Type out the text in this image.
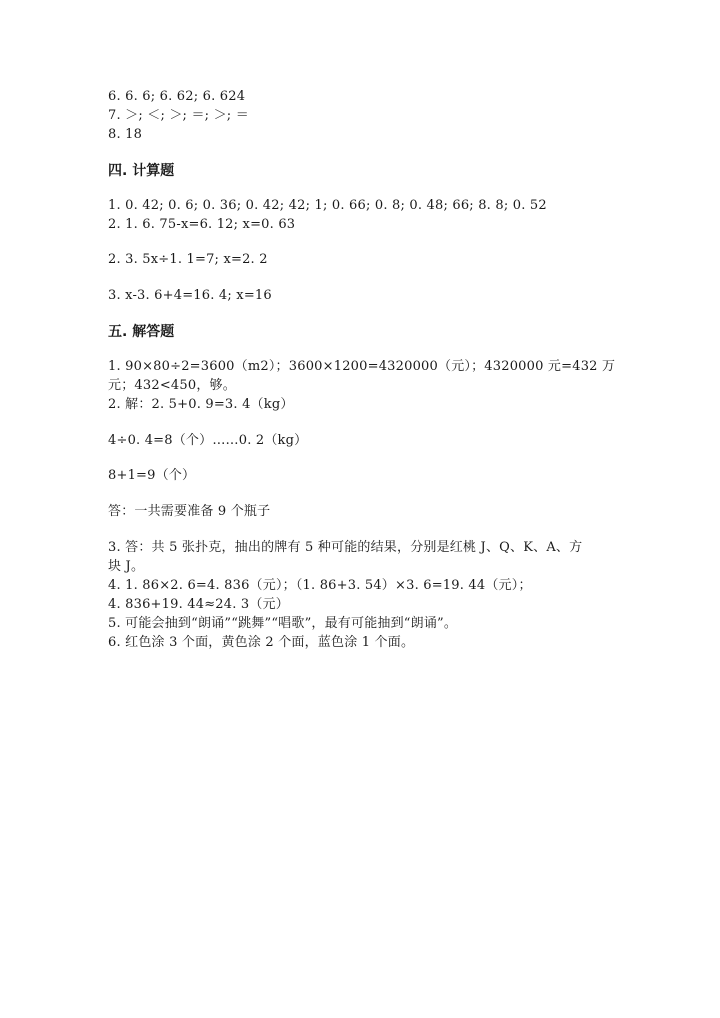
6. 6. 6; 6. 62; 6. 624
7. ＞; ＜; ＞; ＝; ＞; ＝
8. 18
四. 计算题
1. 0. 42; 0. 6; 0. 36; 0. 42; 42; 1; 0. 66; 0. 8; 0. 48; 66; 8. 8; 0. 52
2. 1. 6. 75-x=6. 12; x=0. 63
2. 3. 5x÷1. 1=7; x=2. 2
3. x-3. 6+4=16. 4; x=16
五. 解答题
1. 90×80÷2=3600（m2）；3600×1200=4320000（元）；4320000 元=432 万
元；432<450，够。
2. 解：2. 5+0. 9=3. 4（kg）
4÷0. 4=8（个）……0. 2（kg）
8+1=9（个）
答：一共需要准备 9 个瓶子
3. 答：共 5 张扑克，抽出的牌有 5 种可能的结果，分别是红桃 J、Q、K、A、方
块 J。
4. 1. 86×2. 6=4. 836（元）；（1. 86+3. 54）×3. 6=19. 44（元）；
4. 836+19. 44≈24. 3（元）
5. 可能会抽到“朗诵”“跳舞”“唱歌”，最有可能抽到“朗诵”。
6. 红色涂 3 个面，黄色涂 2 个面，蓝色涂 1 个面。
